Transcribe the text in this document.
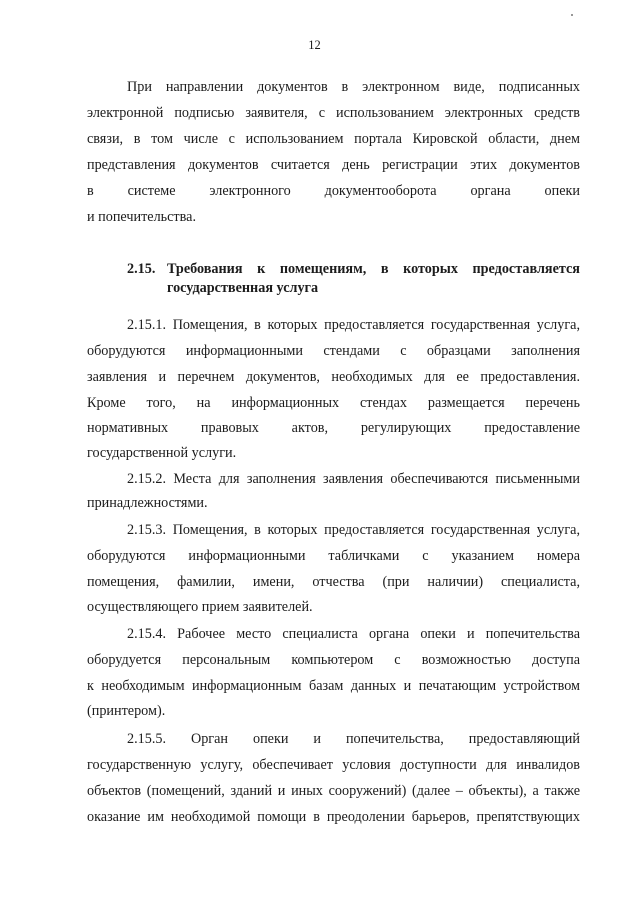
12
При направлении документов в электронном виде, подписанных
электронной подписью заявителя, с использованием электронных средств
связи, в том числе с использованием портала Кировской области, днем
представления документов считается день регистрации этих документов
в системе электронного документооборота органа опеки
и попечительства.
2.15. Требования к помещениям, в которых предоставляется
государственная услуга
2.15.1. Помещения, в которых предоставляется государственная услуга,
оборудуются информационными стендами с образцами заполнения
заявления и перечнем документов, необходимых для ее предоставления.
Кроме того, на информационных стендах размещается перечень
нормативных правовых актов, регулирующих предоставление
государственной услуги.
2.15.2. Места для заполнения заявления обеспечиваются письменными
принадлежностями.
2.15.3. Помещения, в которых предоставляется государственная услуга,
оборудуются информационными табличками с указанием номера
помещения, фамилии, имени, отчества (при наличии) специалиста,
осуществляющего прием заявителей.
2.15.4. Рабочее место специалиста органа опеки и попечительства
оборудуется персональным компьютером с возможностью доступа
к необходимым информационным базам данных и печатающим устройством
(принтером).
2.15.5. Орган опеки и попечительства, предоставляющий
государственную услугу, обеспечивает условия доступности для инвалидов
объектов (помещений, зданий и иных сооружений) (далее – объекты), а также
оказание им необходимой помощи в преодолении барьеров, препятствующих
